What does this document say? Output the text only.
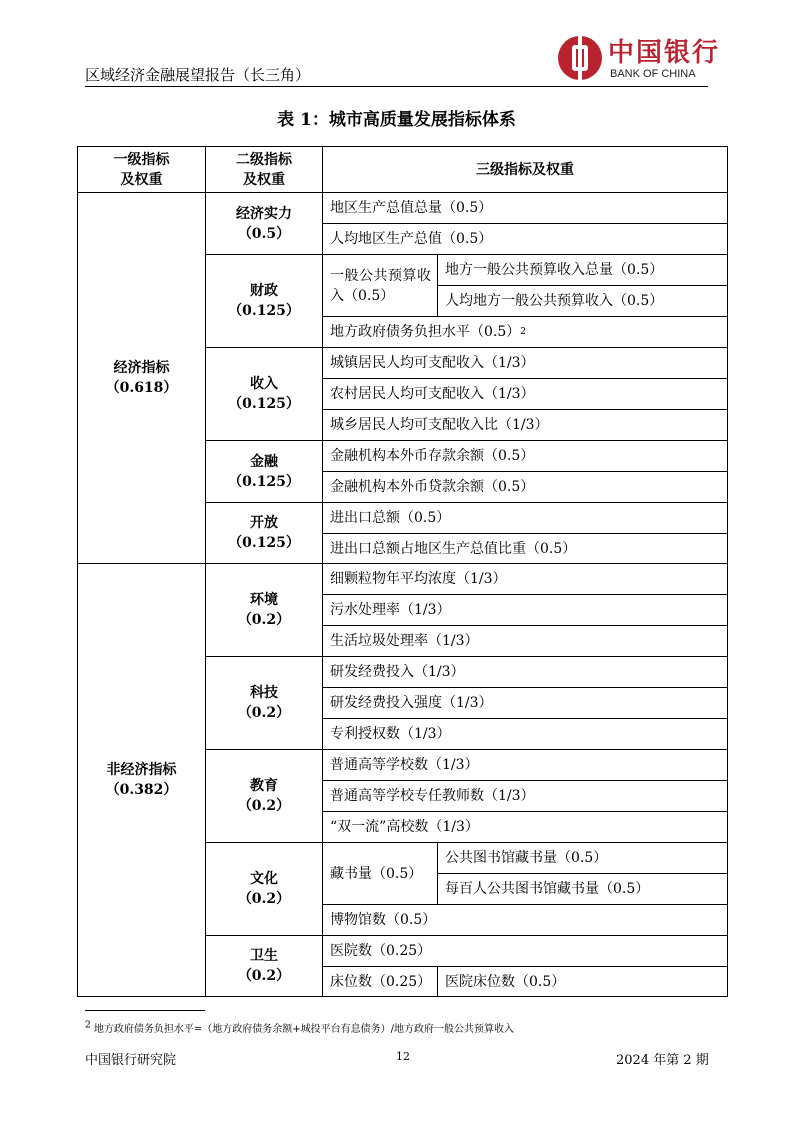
区域经济金融展望报告（长三角）
中国银行
BANK OF CHINA
表 1：城市高质量发展指标体系
一级指标
及权重
二级指标
及权重
三级指标及权重
经济指标
（0.618）
非经济指标
（0.382）
经济实力
（0.5）
财政
（0.125）
收入
（0.125）
金融
（0.125）
开放
（0.125）
环境
（0.2）
科技
（0.2）
教育
（0.2）
文化
（0.2）
卫生
（0.2）
地区生产总值总量（0.5）
人均地区生产总值（0.5）
一般公共预算收入（0.5）
地方一般公共预算收入总量（0.5）
人均地方一般公共预算收入（0.5）
地方政府债务负担水平（0.5） 2
城镇居民人均可支配收入（1/3）
农村居民人均可支配收入（1/3）
城乡居民人均可支配收入比（1/3）
金融机构本外币存款余额（0.5）
金融机构本外币贷款余额（0.5）
进出口总额（0.5）
进出口总额占地区生产总值比重（0.5）
细颗粒物年平均浓度（1/3）
污水处理率（1/3）
生活垃圾处理率（1/3）
研发经费投入（1/3）
研发经费投入强度（1/3）
专利授权数（1/3）
普通高等学校数（1/3）
普通高等学校专任教师数（1/3）
“双一流”高校数（1/3）
藏书量（0.5）
公共图书馆藏书量（0.5）
每百人公共图书馆藏书量（0.5）
博物馆数（0.5）
医院数（0.25）
床位数（0.25） 医院床位数（0.5）
$^2$ 地方政府债务负担水平=（地方政府债务余额+城投平台有息债务）/地方政府一般公共预算收入
中国银行研究院	12	2024 年第 2 期
